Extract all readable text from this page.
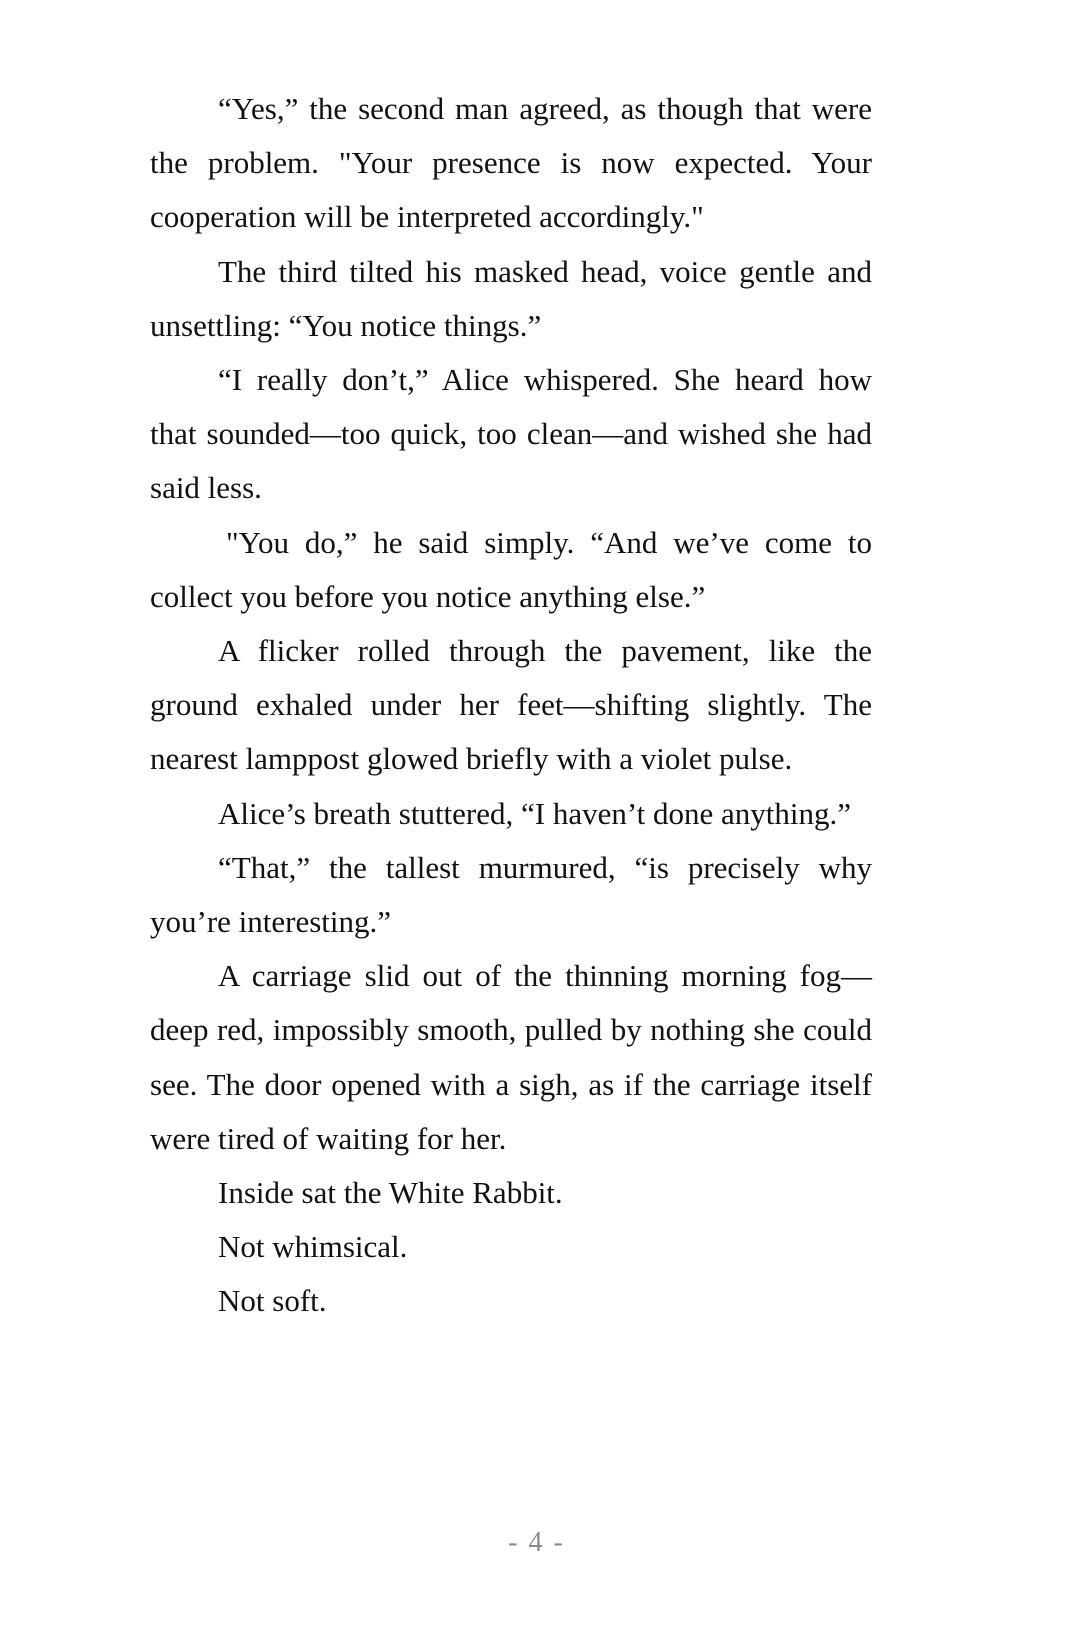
“Yes,” the second man agreed, as though that were the problem. "Your presence is now expected. Your cooperation will be interpreted accordingly."

The third tilted his masked head, voice gentle and unsettling: “You notice things.”

“I really don’t,” Alice whispered. She heard how that sounded—too quick, too clean—and wished she had said less.

"You do,” he said simply. “And we’ve come to collect you before you notice anything else.”

A flicker rolled through the pavement, like the ground exhaled under her feet—shifting slightly. The nearest lamppost glowed briefly with a violet pulse.

Alice’s breath stuttered, “I haven’t done anything.”

“That,” the tallest murmured, “is precisely why you’re interesting.”

A carriage slid out of the thinning morning fog—deep red, impossibly smooth, pulled by nothing she could see. The door opened with a sigh, as if the carriage itself were tired of waiting for her.

Inside sat the White Rabbit.

Not whimsical.

Not soft.

- 4 -
